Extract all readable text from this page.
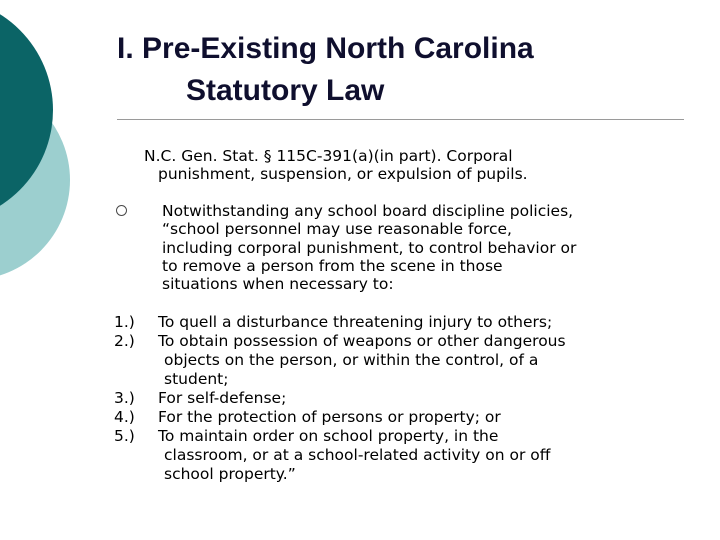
I. Pre-Existing North Carolina
Statutory Law
N.C. Gen. Stat. § 115C-391(a)(in part). Corporal
punishment, suspension, or expulsion of pupils.
Notwithstanding any school board discipline policies,
“school personnel may use reasonable force,
including corporal punishment, to control behavior or
to remove a person from the scene in those
situations when necessary to:
1.) To quell a disturbance threatening injury to others;
2.) To obtain possession of weapons or other dangerous
objects on the person, or within the control, of a
student;
3.) For self-defense;
4.) For the protection of persons or property; or
5.) To maintain order on school property, in the
classroom, or at a school-related activity on or off
school property.”
